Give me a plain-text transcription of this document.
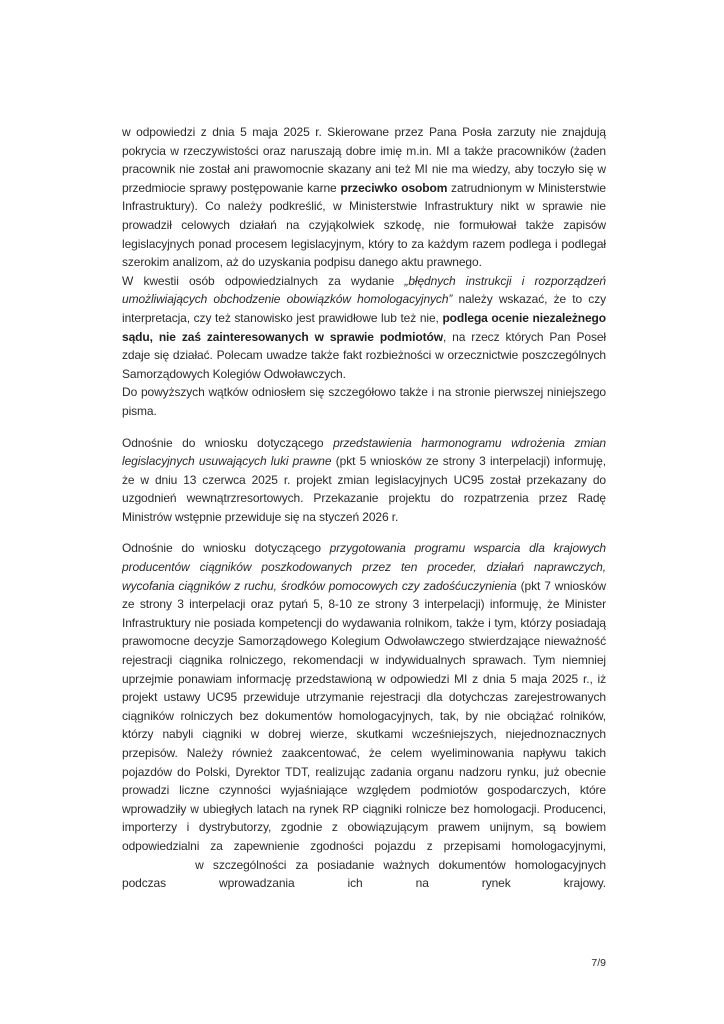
w odpowiedzi z dnia 5 maja 2025 r. Skierowane przez Pana Posła zarzuty nie znajdują pokrycia w rzeczywistości oraz naruszają dobre imię m.in. MI a także pracowników (żaden pracownik nie został ani prawomocnie skazany ani też MI nie ma wiedzy, aby toczyło się w przedmiocie sprawy postępowanie karne przeciwko osobom zatrudnionym w Ministerstwie Infrastruktury). Co należy podkreślić, w Ministerstwie Infrastruktury nikt w sprawie nie prowadził celowych działań na czyjąkolwiek szkodę, nie formułował także zapisów legislacyjnych ponad procesem legislacyjnym, który to za każdym razem podlega i podlegał szerokim analizom, aż do uzyskania podpisu danego aktu prawnego.

W kwestii osób odpowiedzialnych za wydanie „błędnych instrukcji i rozporządzeń umożliwiających obchodzenie obowiązków homologacyjnych” należy wskazać, że to czy interpretacja, czy też stanowisko jest prawidłowe lub też nie, podlega ocenie niezależnego sądu, nie zaś zainteresowanych w sprawie podmiotów, na rzecz których Pan Poseł zdaje się działać. Polecam uwadze także fakt rozbieżności w orzecznictwie poszczególnych Samorządowych Kolegiów Odwoławczych.

Do powyższych wątków odniosłem się szczegółowo także i na stronie pierwszej niniejszego pisma.

Odnośnie do wniosku dotyczącego przedstawienia harmonogramu wdrożenia zmian legislacyjnych usuwających luki prawne (pkt 5 wniosków ze strony 3 interpelacji) informuję, że w dniu 13 czerwca 2025 r. projekt zmian legislacyjnych UC95 został przekazany do uzgodnień wewnątrzresortowych. Przekazanie projektu do rozpatrzenia przez Radę Ministrów wstępnie przewiduje się na styczeń 2026 r.

Odnośnie do wniosku dotyczącego przygotowania programu wsparcia dla krajowych producentów ciągników poszkodowanych przez ten proceder, działań naprawczych, wycofania ciągników z ruchu, środków pomocowych czy zadośćuczynienia (pkt 7 wniosków ze strony 3 interpelacji oraz pytań 5, 8-10 ze strony 3 interpelacji) informuję, że Minister Infrastruktury nie posiada kompetencji do wydawania rolnikom, także i tym, którzy posiadają prawomocne decyzje Samorządowego Kolegium Odwoławczego stwierdzające nieważność rejestracji ciągnika rolniczego, rekomendacji w indywidualnych sprawach. Tym niemniej uprzejmie ponawiam informację przedstawioną w odpowiedzi MI z dnia 5 maja 2025 r., iż projekt ustawy UC95 przewiduje utrzymanie rejestracji dla dotychczas zarejestrowanych ciągników rolniczych bez dokumentów homologacyjnych, tak, by nie obciążać rolników, którzy nabyli ciągniki w dobrej wierze, skutkami wcześniejszych, niejednoznacznych przepisów. Należy również zaakcentować, że celem wyeliminowania napływu takich pojazdów do Polski, Dyrektor TDT, realizując zadania organu nadzoru rynku, już obecnie prowadzi liczne czynności wyjaśniające względem podmiotów gospodarczych, które wprowadziły w ubiegłych latach na rynek RP ciągniki rolnicze bez homologacji. Producenci, importerzy i dystrybutorzy, zgodnie z obowiązującym prawem unijnym, są bowiem odpowiedzialni za zapewnienie zgodności pojazdu z przepisami homologacyjnymi, w szczególności za posiadanie ważnych dokumentów homologacyjnych podczas wprowadzania ich na rynek krajowy.

7/9
